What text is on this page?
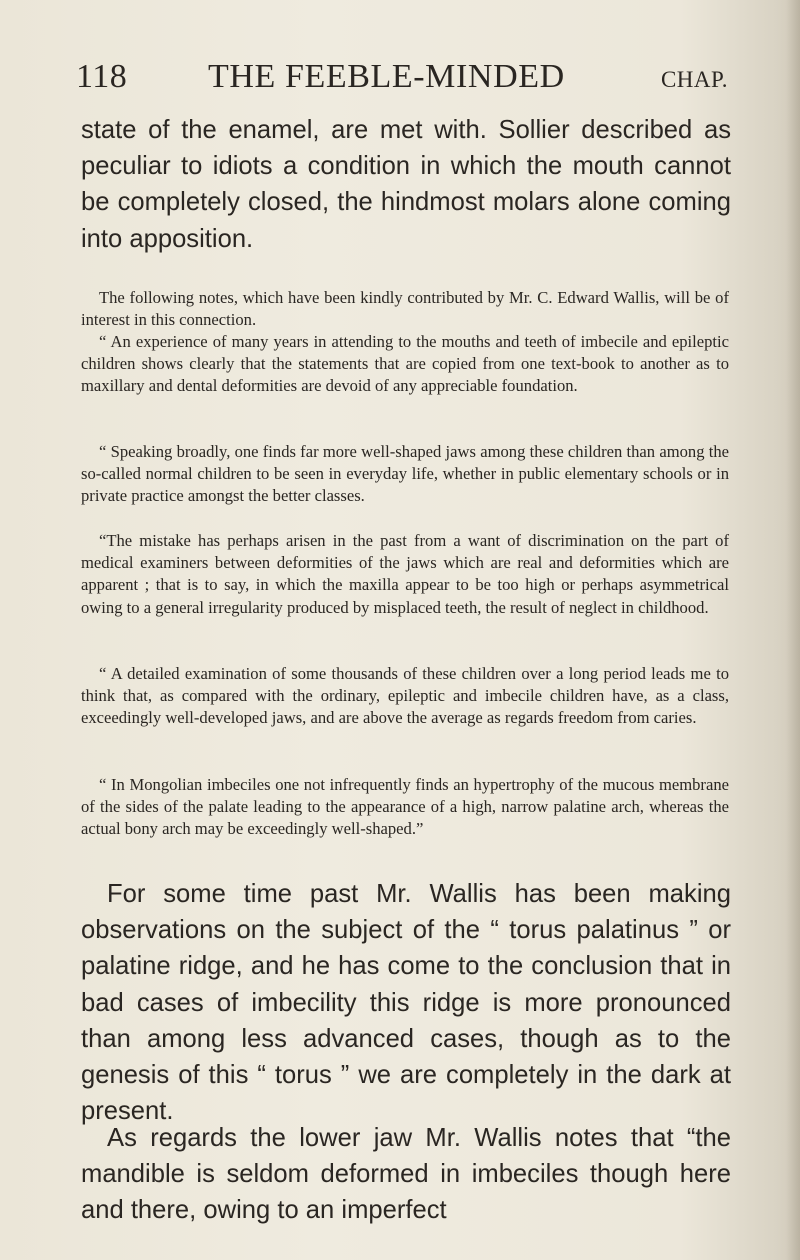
118 THE FEEBLE-MINDED	CHAP.

state of the enamel, are met with. Sollier described as peculiar to idiots a condition in which the mouth cannot be completely closed, the hindmost molars alone coming into apposition.

The following notes, which have been kindly contributed by Mr. C. Edward Wallis, will be of interest in this connection.

“ An experience of many years in attending to the mouths and teeth of imbecile and epileptic children shows clearly that the statements that are copied from one text-book to another as to maxillary and dental deformities are devoid of any appreciable foundation.

“ Speaking broadly, one finds far more well-shaped jaws among these children than among the so-called normal children to be seen in everyday life, whether in public elementary schools or in private practice amongst the better classes.

“The mistake has perhaps arisen in the past from a want of discrimination on the part of medical examiners between deformities of the jaws which are real and deformities which are apparent ; that is to say, in which the maxilla appear to be too high or perhaps asymmetrical owing to a general irregularity produced by misplaced teeth, the result of neglect in childhood.

“ A detailed examination of some thousands of these children over a long period leads me to think that, as compared with the ordinary, epileptic and imbecile children have, as a class, exceedingly well-developed jaws, and are above the average as regards freedom from caries.

“ In Mongolian imbeciles one not infrequently finds an hypertrophy of the mucous membrane of the sides of the palate leading to the appearance of a high, narrow palatine arch, whereas the actual bony arch may be exceedingly well-shaped.”

For some time past Mr. Wallis has been making observations on the subject of the “ torus palatinus ” or palatine ridge, and he has come to the conclusion that in bad cases of imbecility this ridge is more pronounced than among less advanced cases, though as to the genesis of this “ torus ” we are completely in the dark at present.

As regards the lower jaw Mr. Wallis notes that “the mandible is seldom deformed in imbeciles though here and there, owing to an imperfect
